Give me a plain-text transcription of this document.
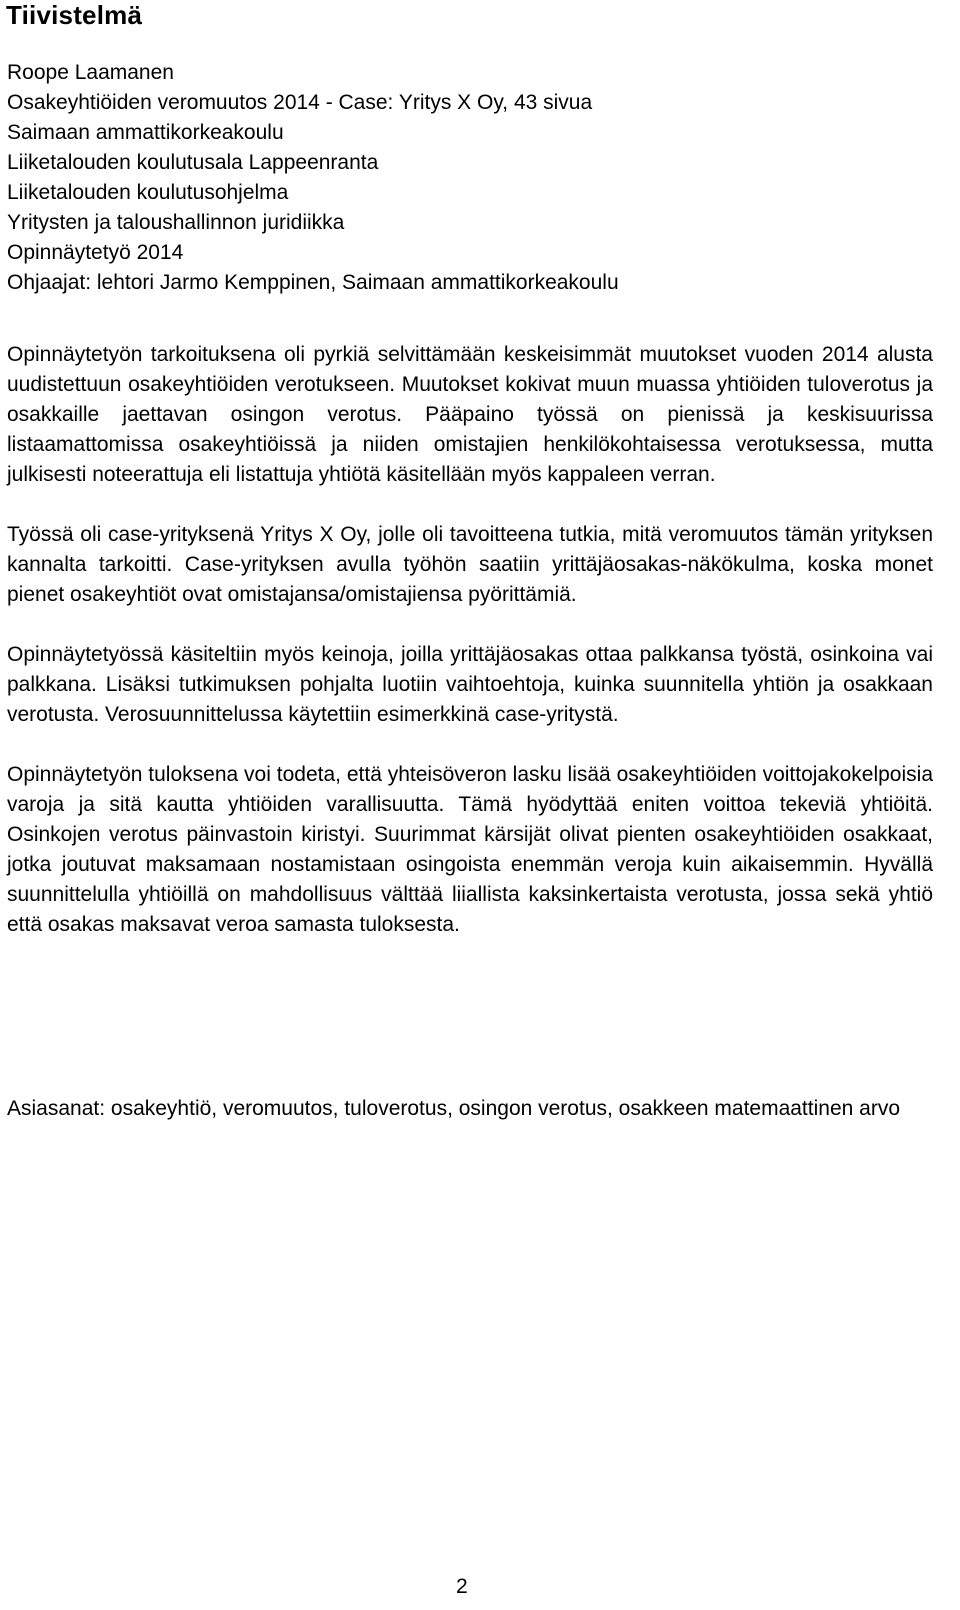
Tiivistelmä
Roope Laamanen
Osakeyhtiöiden veromuutos 2014 - Case: Yritys X Oy, 43 sivua
Saimaan ammattikorkeakoulu
Liiketalouden koulutusala Lappeenranta
Liiketalouden koulutusohjelma
Yritysten ja taloushallinnon juridiikka
Opinnäytetyö 2014
Ohjaajat: lehtori Jarmo Kemppinen, Saimaan ammattikorkeakoulu

Opinnäytetyön tarkoituksena oli pyrkiä selvittämään keskeisimmät muutokset vuoden 2014 alusta uudistettuun osakeyhtiöiden verotukseen. Muutokset kokivat muun muassa yhtiöiden tuloverotus ja osakkaille jaettavan osingon verotus. Pääpaino työssä on pienissä ja keskisuurissa listaamattomissa osakeyhtiöissä ja niiden omistajien henkilökohtaisessa verotuksessa, mutta julkisesti noteerattuja eli listattuja yhtiötä käsitellään myös kappaleen verran.

Työssä oli case-yrityksenä Yritys X Oy, jolle oli tavoitteena tutkia, mitä veromuutos tämän yrityksen kannalta tarkoitti. Case-yrityksen avulla työhön saatiin yrittäjäosakas-näkökulma, koska monet pienet osakeyhtiöt ovat omistajansa/omistajiensa pyörittämiä.

Opinnäytetyössä käsiteltiin myös keinoja, joilla yrittäjäosakas ottaa palkkansa työstä, osinkoina vai palkkana. Lisäksi tutkimuksen pohjalta luotiin vaihtoehtoja, kuinka suunnitella yhtiön ja osakkaan verotusta. Verosuunnittelussa käytettiin esimerkkinä case-yritystä.

Opinnäytetyön tuloksena voi todeta, että yhteisöveron lasku lisää osakeyhtiöiden voittojakokelpoisia varoja ja sitä kautta yhtiöiden varallisuutta. Tämä hyödyttää eniten voittoa tekeviä yhtiöitä. Osinkojen verotus päinvastoin kiristyi. Suurimmat kärsijät olivat pienten osakeyhtiöiden osakkaat, jotka joutuvat maksamaan nostamistaan osingoista enemmän veroja kuin aikaisemmin. Hyvällä suunnittelulla yhtiöillä on mahdollisuus välttää liiallista kaksinkertaista verotusta, jossa sekä yhtiö että osakas maksavat veroa samasta tuloksesta.

Asiasanat: osakeyhtiö, veromuutos, tuloverotus, osingon verotus, osakkeen matemaattinen arvo
2
